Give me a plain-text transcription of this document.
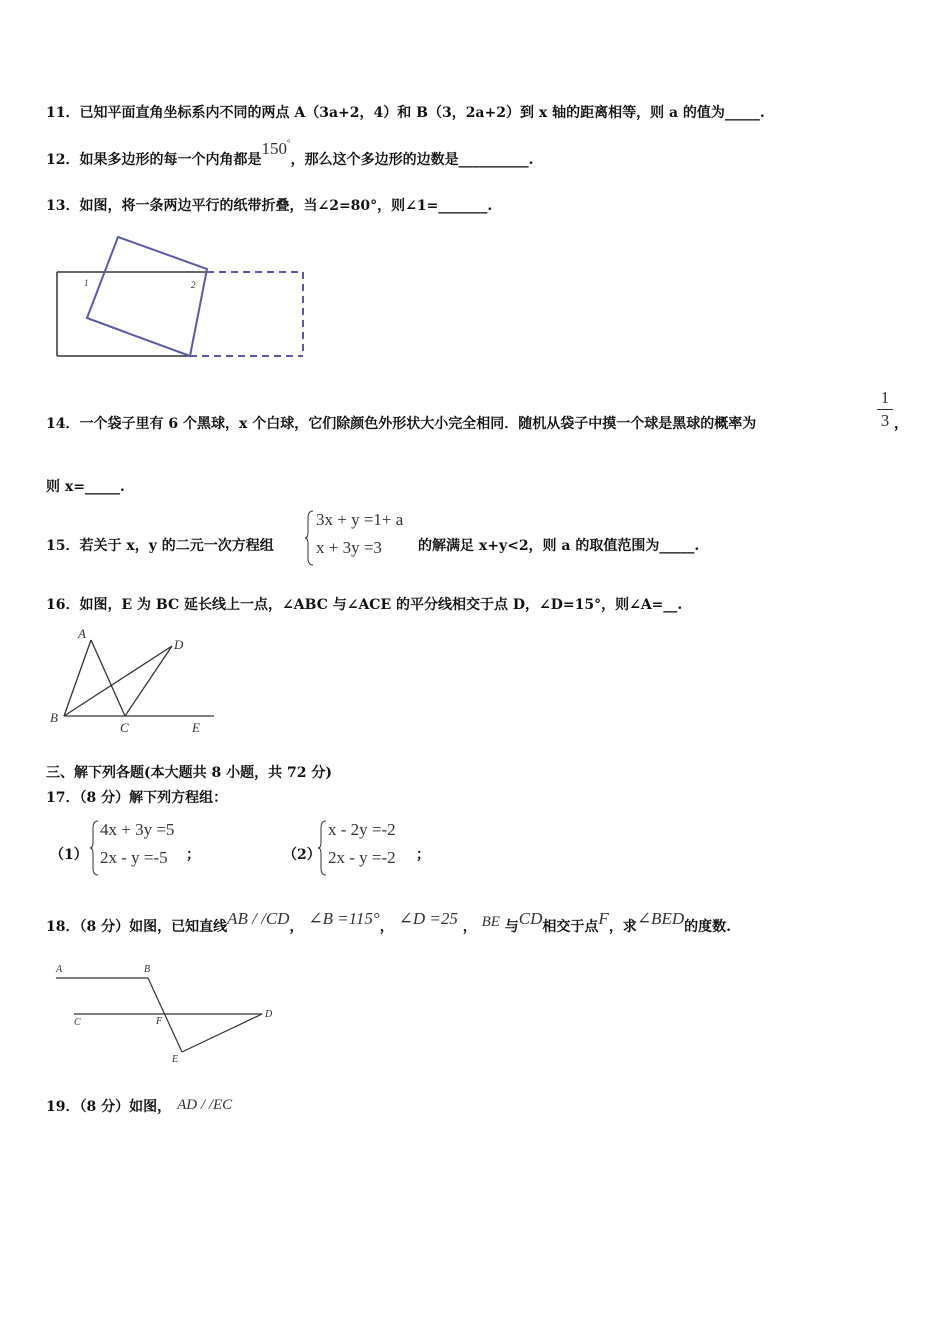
11．已知平面直角坐标系内不同的两点 A（3a+2，4）和 B（3，2a+2）到 x 轴的距离相等，则 a 的值为_____.
12．如果多边形的每一个内角都是150°，那么这个多边形的边数是__________.
13．如图，将一条两边平行的纸带折叠，当∠2=80°，则∠1=_______.
1	2
14．一个袋子里有 6 个黑球，x 个白球，它们除颜色外形状大小完全相同．随机从袋子中摸一个球是黑球的概率为
1
3 ，
则 x=_____.
15．若关于 x，y 的二元一次方程组
3x + y =1+ a
x + 3y =3	的解满足 x+y<2，则 a 的取值范围为_____.
16．如图，E 为 BC 延长线上一点，∠ABC 与∠ACE 的平分线相交于点 D，∠D=15°，则∠A=__.
A
D
B
C	E
三、解下列各题(本大题共 8 小题，共 72 分)
17．（8 分）解下列方程组：
（1）
4x + 3y =5
2x - y =-5	；	（2）
x - 2y =-2
2x - y =-2 ；
18．（8 分）如图，已知直线AB / /CD， ∠B =115°， ∠D =25 ， BE 与CD相交于点F，求∠BED的度数.
A	B
C	F
D
E
19．（8 分）如图， AD / /EC
